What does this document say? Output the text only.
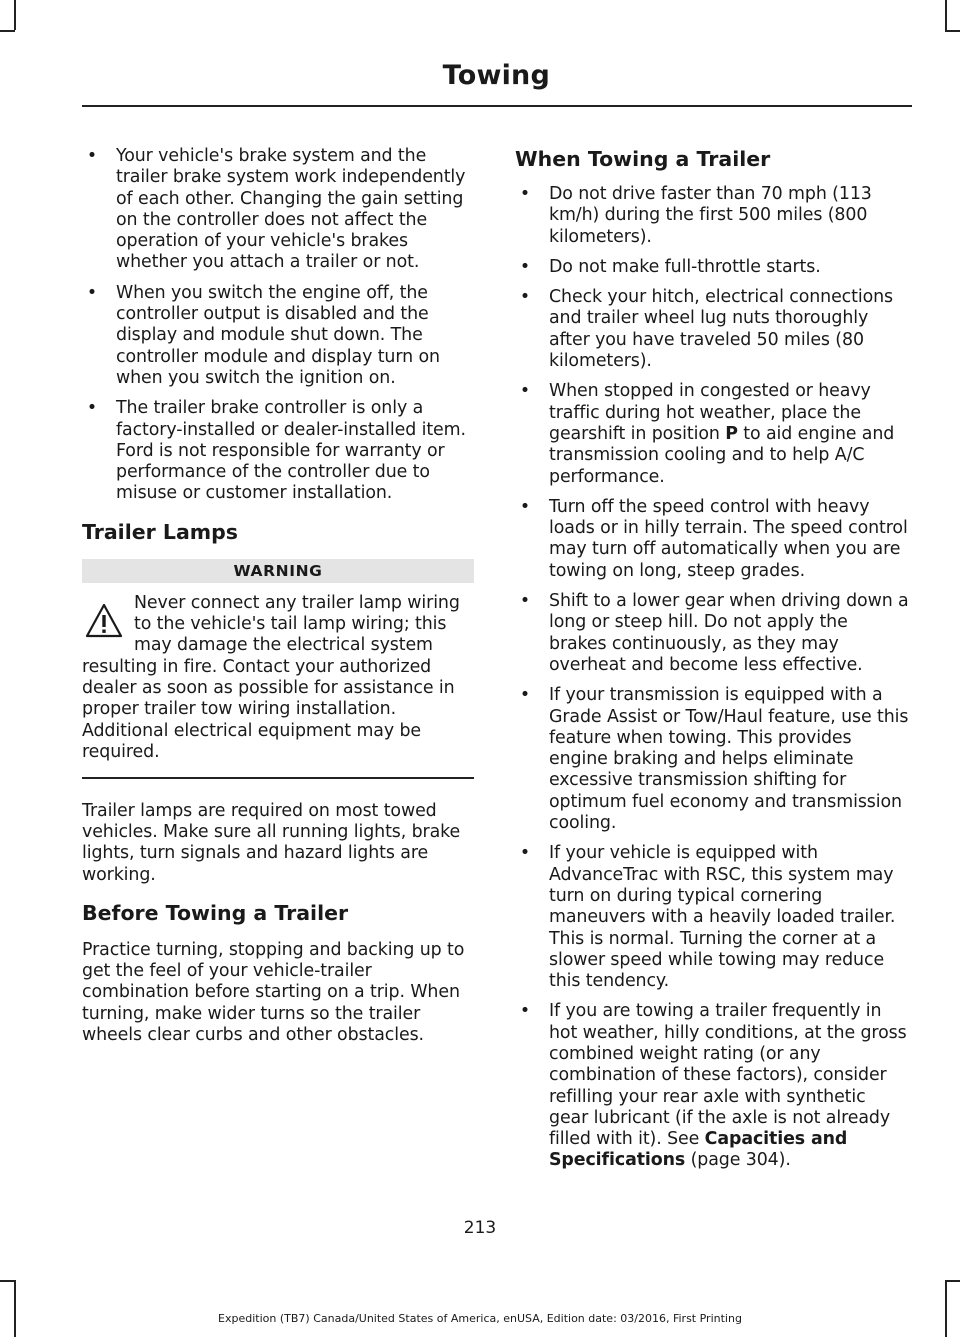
Towing
• Your vehicle's brake system and the trailer brake system work independently of each other. Changing the gain setting on the controller does not affect the operation of your vehicle's brakes whether you attach a trailer or not.
• When you switch the engine off, the controller output is disabled and the display and module shut down. The controller module and display turn on when you switch the ignition on.
• The trailer brake controller is only a factory-installed or dealer-installed item. Ford is not responsible for warranty or performance of the controller due to misuse or customer installation.
Trailer Lamps
WARNING
Never connect any trailer lamp wiring to the vehicle's tail lamp wiring; this may damage the electrical system resulting in fire. Contact your authorized dealer as soon as possible for assistance in proper trailer tow wiring installation. Additional electrical equipment may be required.

Trailer lamps are required on most towed vehicles. Make sure all running lights, brake lights, turn signals and hazard lights are working.

Before Towing a Trailer

Practice turning, stopping and backing up to get the feel of your vehicle-trailer combination before starting on a trip. When turning, make wider turns so the trailer wheels clear curbs and other obstacles.

When Towing a Trailer
• Do not drive faster than 70 mph (113 km/h) during the first 500 miles (800 kilometers).
• Do not make full-throttle starts.
• Check your hitch, electrical connections and trailer wheel lug nuts thoroughly after you have traveled 50 miles (80 kilometers).
• When stopped in congested or heavy traffic during hot weather, place the gearshift in position P to aid engine and transmission cooling and to help A/C performance.
• Turn off the speed control with heavy loads or in hilly terrain. The speed control may turn off automatically when you are towing on long, steep grades.
• Shift to a lower gear when driving down a long or steep hill. Do not apply the brakes continuously, as they may overheat and become less effective.
• If your transmission is equipped with a Grade Assist or Tow/Haul feature, use this feature when towing. This provides engine braking and helps eliminate excessive transmission shifting for optimum fuel economy and transmission cooling.
• If your vehicle is equipped with AdvanceTrac with RSC, this system may turn on during typical cornering maneuvers with a heavily loaded trailer. This is normal. Turning the corner at a slower speed while towing may reduce this tendency.
• If you are towing a trailer frequently in hot weather, hilly conditions, at the gross combined weight rating (or any combination of these factors), consider refilling your rear axle with synthetic gear lubricant (if the axle is not already filled with it). See Capacities and Specifications (page 304).
213
Expedition (TB7) Canada/United States of America, enUSA, Edition date: 03/2016, First Printing
